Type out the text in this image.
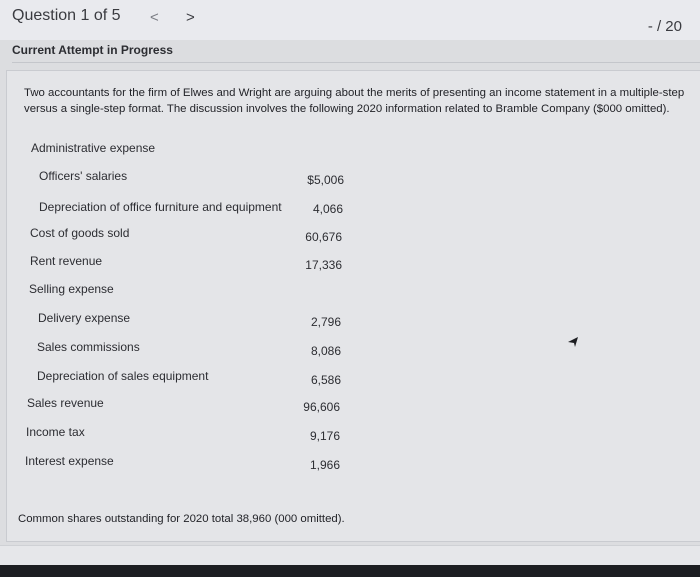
Question 1 of 5 < >
- / 20
Current Attempt in Progress
Two accountants for the firm of Elwes and Wright are arguing about the merits of presenting an income statement in a multiple-step
versus a single-step format. The discussion involves the following 2020 information related to Bramble Company ($000 omitted).
Administrative expense
Officers' salaries	$5,006
Depreciation of office furniture and equipment	4,066
Cost of goods sold	60,676
Rent revenue	17,336
Selling expense
Delivery expense	2,796
Sales commissions	8,086
Depreciation of sales equipment	6,586
Sales revenue	96,606
Income tax	9,176
Interest expense	1,966
Common shares outstanding for 2020 total 38,960 (000 omitted).
